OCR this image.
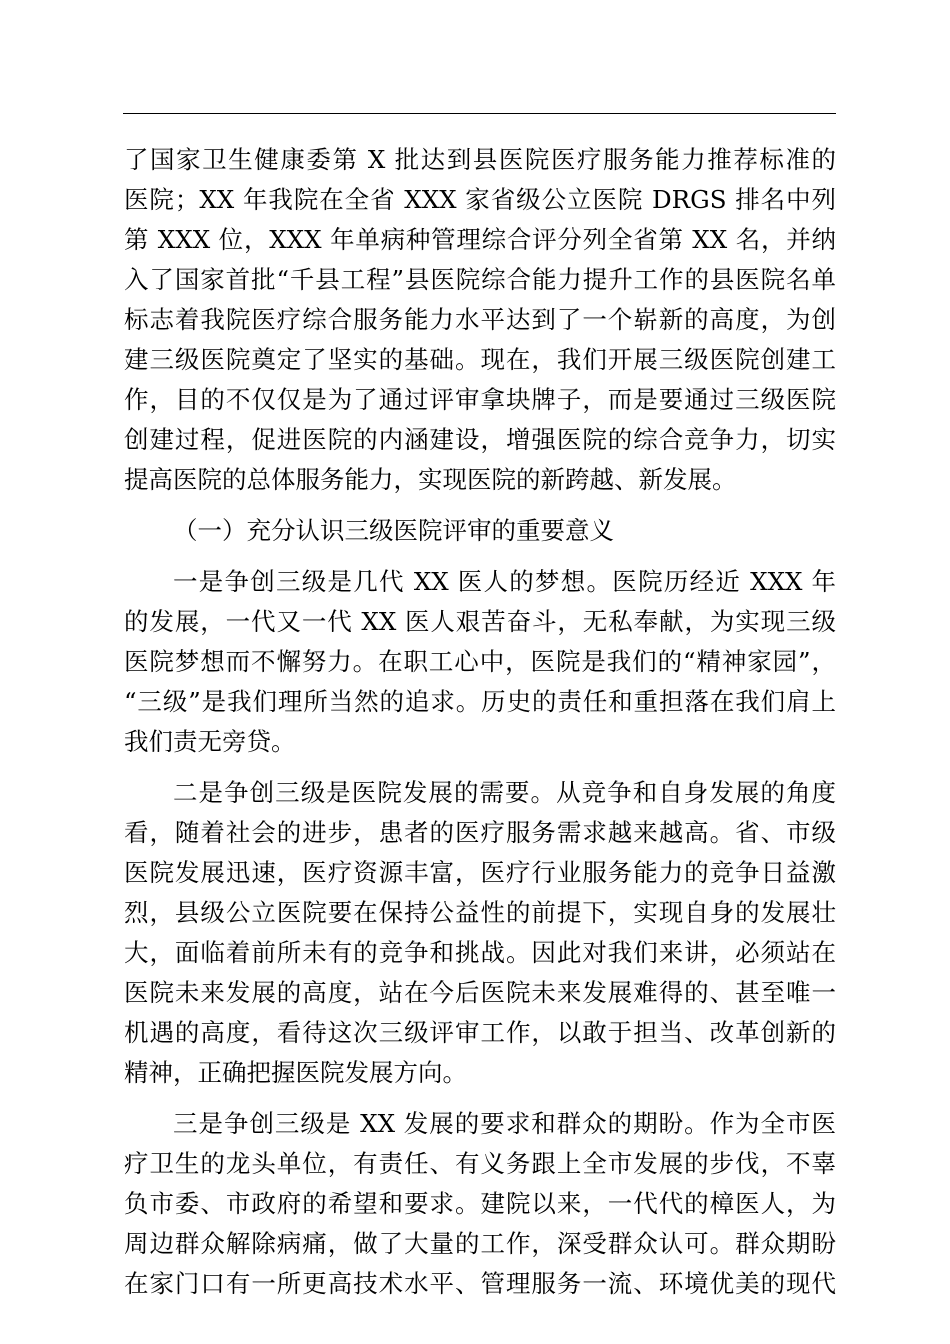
了国家卫生健康委第 X 批达到县医院医疗服务能力推荐标准的
医院；XX 年我院在全省 XXX 家省级公立医院 DRGS 排名中列
第 XXX 位，XXX 年单病种管理综合评分列全省第 XX 名，并纳
入了国家首批“千县工程”县医院综合能力提升工作的县医院名单
标志着我院医疗综合服务能力水平达到了一个崭新的高度，为创
建三级医院奠定了坚实的基础。现在，我们开展三级医院创建工
作，目的不仅仅是为了通过评审拿块牌子，而是要通过三级医院
创建过程，促进医院的内涵建设，增强医院的综合竞争力，切实
提高医院的总体服务能力，实现医院的新跨越、新发展。
（一）充分认识三级医院评审的重要意义
一是争创三级是几代 XX 医人的梦想。医院历经近 XXX 年
的发展，一代又一代 XX 医人艰苦奋斗，无私奉献，为实现三级
医院梦想而不懈努力。在职工心中，医院是我们的“精神家园”，
“三级”是我们理所当然的追求。历史的责任和重担落在我们肩上
我们责无旁贷。
二是争创三级是医院发展的需要。从竞争和自身发展的角度
看，随着社会的进步，患者的医疗服务需求越来越高。省、市级
医院发展迅速，医疗资源丰富，医疗行业服务能力的竞争日益激
烈，县级公立医院要在保持公益性的前提下，实现自身的发展壮
大，面临着前所未有的竞争和挑战。因此对我们来讲，必须站在
医院未来发展的高度，站在今后医院未来发展难得的、甚至唯一
机遇的高度，看待这次三级评审工作，以敢于担当、改革创新的
精神，正确把握医院发展方向。
三是争创三级是 XX 发展的要求和群众的期盼。作为全市医
疗卫生的龙头单位，有责任、有义务跟上全市发展的步伐，不辜
负市委、市政府的希望和要求。建院以来，一代代的樟医人，为
周边群众解除病痛，做了大量的工作，深受群众认可。群众期盼
在家门口有一所更高技术水平、管理服务一流、环境优美的现代
